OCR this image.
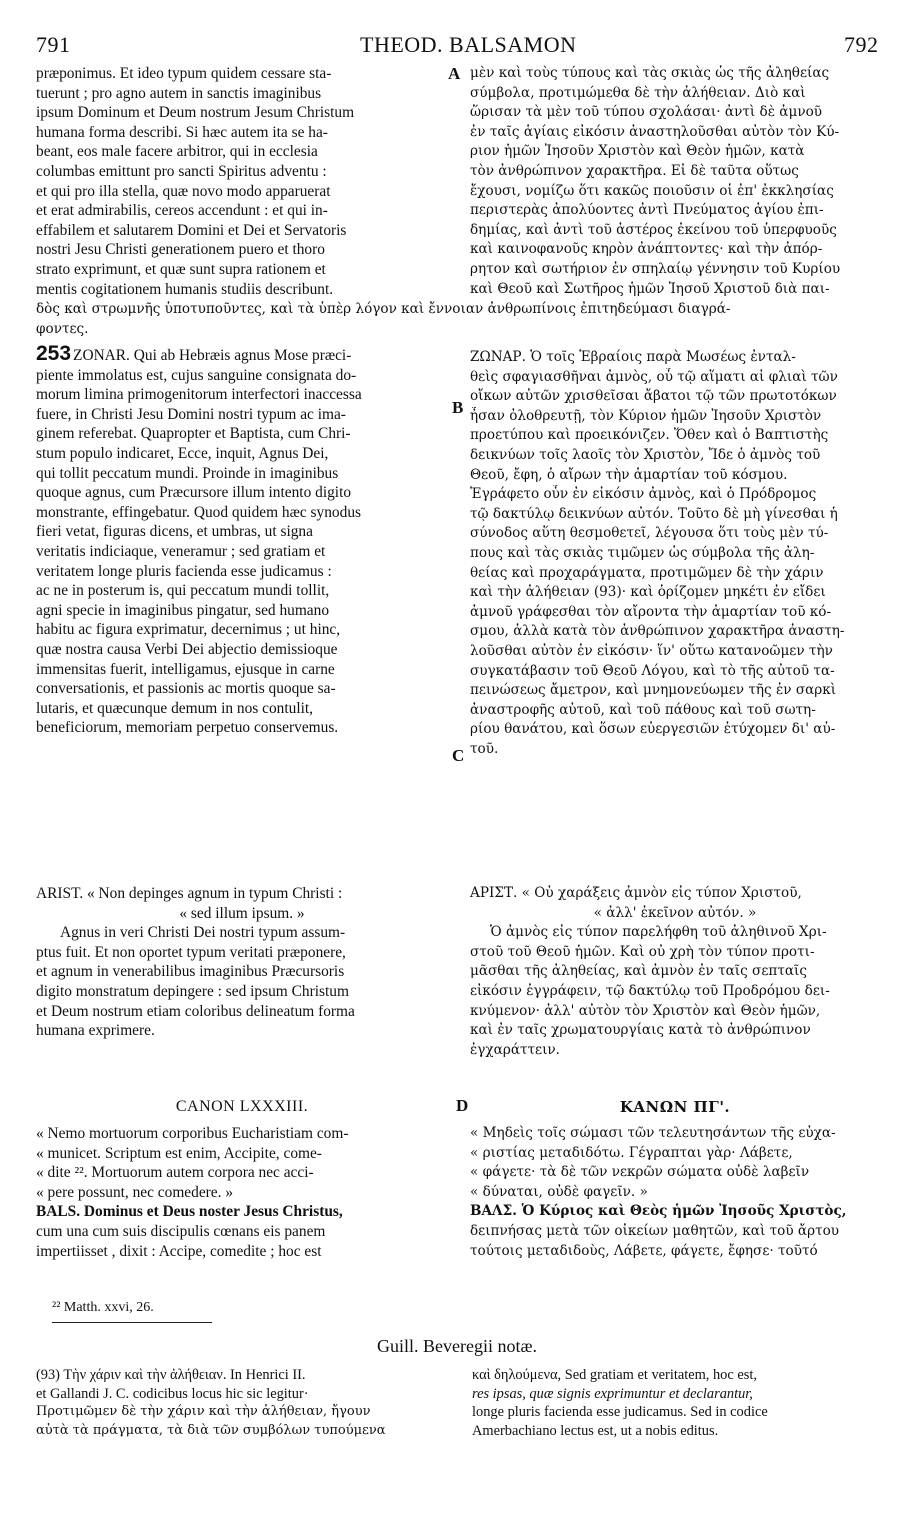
791	THEOD. BALSAMON	792
A
B
C
D
præponimus. Et ideo typum quidem cessare sta-
tuerunt ; pro agno autem in sanctis imaginibus
ipsum Dominum et Deum nostrum Jesum Christum
humana forma describi. Si hæc autem ita se ha-
beant, eos male facere arbitror, qui in ecclesia
columbas emittunt pro sancti Spiritus adventu :
et qui pro illa stella, quæ novo modo apparuerat
et erat admirabilis, cereos accendunt : et qui in-
effabilem et salutarem Domini et Dei et Servatoris
nostri Jesu Christi generationem puero et thoro
strato exprimunt, et quæ sunt supra rationem et
mentis cogitationem humanis studiis describunt.
μὲν καὶ τοὺς τύπους καὶ τὰς σκιὰς ὡς τῆς ἀληθείας
σύμβολα, προτιμώμεθα δὲ τὴν ἀλήθειαν. Διὸ καὶ
ὥρισαν τὰ μὲν τοῦ τύπου σχολάσαι· ἀντὶ δὲ ἀμνοῦ
ἐν ταῖς ἁγίαις εἰκόσιν ἀναστηλοῦσθαι αὐτὸν τὸν Κύ-
ριον ἡμῶν Ἰησοῦν Χριστὸν καὶ Θεὸν ἡμῶν, κατὰ
τὸν ἀνθρώπινον χαρακτῆρα. Εἰ δὲ ταῦτα οὕτως
ἔχουσι, νομίζω ὅτι κακῶς ποιοῦσιν οἱ ἐπ' ἐκκλησίας
περιστερὰς ἀπολύοντες ἀντὶ Πνεύματος ἁγίου ἐπι-
δημίας, καὶ ἀντὶ τοῦ ἀστέρος ἐκείνου τοῦ ὑπερφυοῦς
καὶ καινοφανοῦς κηρὸν ἀνάπτοντες· καὶ τὴν ἀπόρ-
ρητον καὶ σωτήριον ἐν σπηλαίῳ γέννησιν τοῦ Κυρίου
καὶ Θεοῦ καὶ Σωτῆρος ἡμῶν Ἰησοῦ Χριστοῦ διὰ παι-
δὸς καὶ στρωμνῆς ὑποτυποῦντες, καὶ τὰ ὑπὲρ λόγον καὶ ἔννοιαν ἀνθρωπίνοις ἐπιτηδεύμασι διαγρά-
φοντες.
253 ZONAR. Qui ab Hebræis agnus Mose præci-
piente immolatus est, cujus sanguine consignata do-
morum limina primogenitorum interfectori inaccessa
fuere, in Christi Jesu Domini nostri typum ac ima-
ginem referebat. Quapropter et Baptista, cum Chri-
stum populo indicaret, Ecce, inquit, Agnus Dei,
qui tollit peccatum mundi. Proinde in imaginibus
quoque agnus, cum Præcursore illum intento digito
monstrante, effingebatur. Quod quidem hæc synodus
fieri vetat, figuras dicens, et umbras, ut signa
veritatis indiciaque, veneramur ; sed gratiam et
veritatem longe pluris facienda esse judicamus :
ac ne in posterum is, qui peccatum mundi tollit,
agni specie in imaginibus pingatur, sed humano
habitu ac figura exprimatur, decernimus ; ut hinc,
quæ nostra causa Verbi Dei abjectio demissioque
immensitas fuerit, intelligamus, ejusque in carne
conversationis, et passionis ac mortis quoque sa-
lutaris, et quæcunque demum in nos contulit,
beneficiorum, memoriam perpetuo conservemus.
ΖΩΝΑΡ. Ὁ τοῖς Ἑβραίοις παρὰ Μωσέως ἐνταλ-
θεὶς σφαγιασθῆναι ἀμνὸς, οὗ τῷ αἵματι αἱ φλιαὶ τῶν
οἴκων αὐτῶν χρισθεῖσαι ἄβατοι τῷ τῶν πρωτοτόκων
ἦσαν ὀλοθρευτῇ, τὸν Κύριον ἡμῶν Ἰησοῦν Χριστὸν
προετύπου καὶ προεικόνιζεν. Ὅθεν καὶ ὁ Βαπτιστὴς
δεικνύων τοῖς λαοῖς τὸν Χριστὸν, Ἴδε ὁ ἀμνὸς τοῦ
Θεοῦ, ἔφη, ὁ αἴρων τὴν ἁμαρτίαν τοῦ κόσμου.
Ἐγράφετο οὖν ἐν εἰκόσιν ἀμνὸς, καὶ ὁ Πρόδρομος
τῷ δακτύλῳ δεικνύων αὐτόν. Τοῦτο δὲ μὴ γίνεσθαι ἡ
σύνοδος αὕτη θεσμοθετεῖ, λέγουσα ὅτι τοὺς μὲν τύ-
πους καὶ τὰς σκιὰς τιμῶμεν ὡς σύμβολα τῆς ἀλη-
θείας καὶ προχαράγματα, προτιμῶμεν δὲ τὴν χάριν
καὶ τὴν ἀλήθειαν (93)· καὶ ὁρίζομεν μηκέτι ἐν εἴδει
ἀμνοῦ γράφεσθαι τὸν αἴροντα τὴν ἁμαρτίαν τοῦ κό-
σμου, ἀλλὰ κατὰ τὸν ἀνθρώπινον χαρακτῆρα ἀναστη-
λοῦσθαι αὐτὸν ἐν εἰκόσιν· ἵν' οὕτω κατανοῶμεν τὴν
συγκατάβασιν τοῦ Θεοῦ Λόγου, καὶ τὸ τῆς αὐτοῦ τα-
πεινώσεως ἄμετρον, καὶ μνημονεύωμεν τῆς ἐν σαρκὶ
ἀναστροφῆς αὐτοῦ, καὶ τοῦ πάθους καὶ τοῦ σωτη-
ρίου θανάτου, καὶ ὅσων εὐεργεσιῶν ἐτύχομεν δι' αὐ-
τοῦ.
ARIST. « Non depinges agnum in typum Christi :
« sed illum ipsum. »
Agnus in veri Christi Dei nostri typum assum-
ptus fuit. Et non oportet typum veritati præponere,
et agnum in venerabilibus imaginibus Præcursoris
digito monstratum depingere : sed ipsum Christum
et Deum nostrum etiam coloribus delineatum forma
humana exprimere.
ΑΡΙΣΤ. « Οὐ χαράξεις ἀμνὸν εἰς τύπον Χριστοῦ,
« ἀλλ' ἐκεῖνον αὐτόν. »
Ὁ ἀμνὸς εἰς τύπον παρελήφθη τοῦ ἀληθινοῦ Χρι-
στοῦ τοῦ Θεοῦ ἡμῶν. Καὶ οὐ χρὴ τὸν τύπον προτι-
μᾶσθαι τῆς ἀληθείας, καὶ ἀμνὸν ἐν ταῖς σεπταῖς
εἰκόσιν ἐγγράφειν, τῷ δακτύλῳ τοῦ Προδρόμου δει-
κνύμενον· ἀλλ' αὐτὸν τὸν Χριστὸν καὶ Θεὸν ἡμῶν,
καὶ ἐν ταῖς χρωματουργίαις κατὰ τὸ ἀνθρώπινον
ἐγχαράττειν.
CANON LXXXIII.
« Nemo mortuorum corporibus Eucharistiam com-
« municet. Scriptum est enim, Accipite, come-
« dite ²². Mortuorum autem corpora nec acci-
« pere possunt, nec comedere. »
BALS. Dominus et Deus noster Jesus Christus,
cum una cum suis discipulis cœnans eis panem
impertiisset , dixit : Accipe, comedite ; hoc est
ΚΑΝΩΝ ΠΓ'.
« Μηδεὶς τοῖς σώμασι τῶν τελευτησάντων τῆς εὐχα-
« ριστίας μεταδιδότω. Γέγραπται γὰρ· Λάβετε,
« φάγετε· τὰ δὲ τῶν νεκρῶν σώματα οὐδὲ λαβεῖν
« δύναται, οὐδὲ φαγεῖν. »
ΒΑΛΣ. Ὁ Κύριος καὶ Θεὸς ἡμῶν Ἰησοῦς Χριστὸς,
δειπνήσας μετὰ τῶν οἰκείων μαθητῶν, καὶ τοῦ ἄρτου
τούτοις μεταδιδοὺς, Λάβετε, φάγετε, ἔφησε· τοῦτό
²² Matth. xxvi, 26.
Guill. Beveregii notæ.
(93) Τὴν χάριν καὶ τὴν ἀλήθειαν. In Henrici II.
et Gallandi J. C. codicibus locus hic sic legitur·
Προτιμῶμεν δὲ τὴν χάριν καὶ τὴν ἀλήθειαν, ἤγουν
αὐτὰ τὰ πράγματα, τὰ διὰ τῶν συμβόλων τυπούμενα
καὶ δηλούμενα, Sed gratiam et veritatem, hoc est,
res ipsas, quæ signis exprimuntur et declarantur,
longe pluris facienda esse judicamus. Sed in codice
Amerbachiano lectus est, ut a nobis editus.
